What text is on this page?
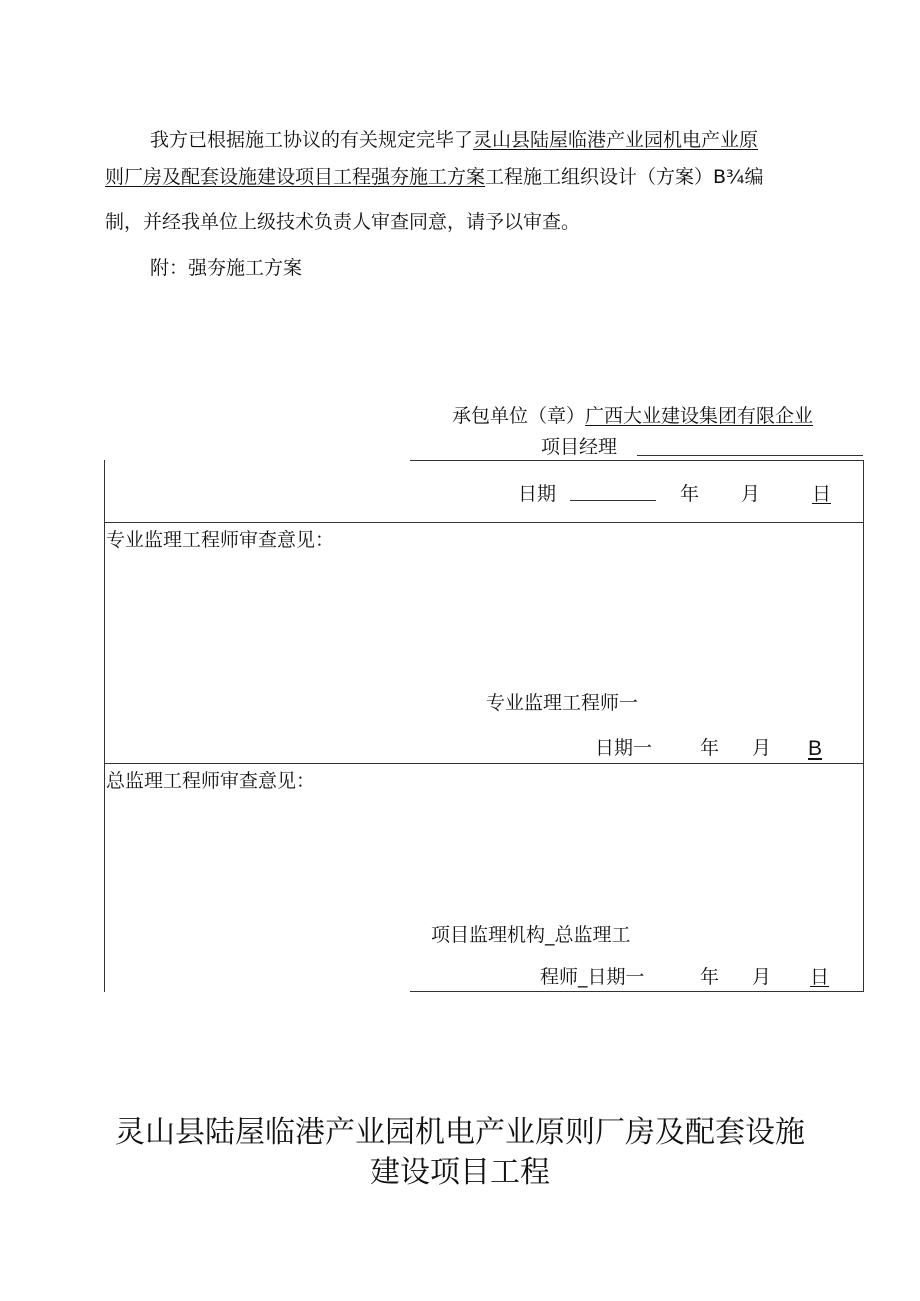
我方已根据施工协议的有关规定完毕了灵山县陆屋临港产业园机电产业原
则厂房及配套设施建设项目工程强夯施工方案工程施工组织设计（方案）B¾编
制，并经我单位上级技术负责人审查同意，请予以审查。
附：强夯施工方案
承包单位（章）广西大业建设集团有限企业
项目经理
日期	年 月	日
专业监理工程师审查意见：
专业监理工程师一
日期一	年 月 B
总监理工程师审查意见：
项目监理机构_总监理工
程师_日期一	年 月 日
灵山县陆屋临港产业园机电产业原则厂房及配套设施
建设项目工程
